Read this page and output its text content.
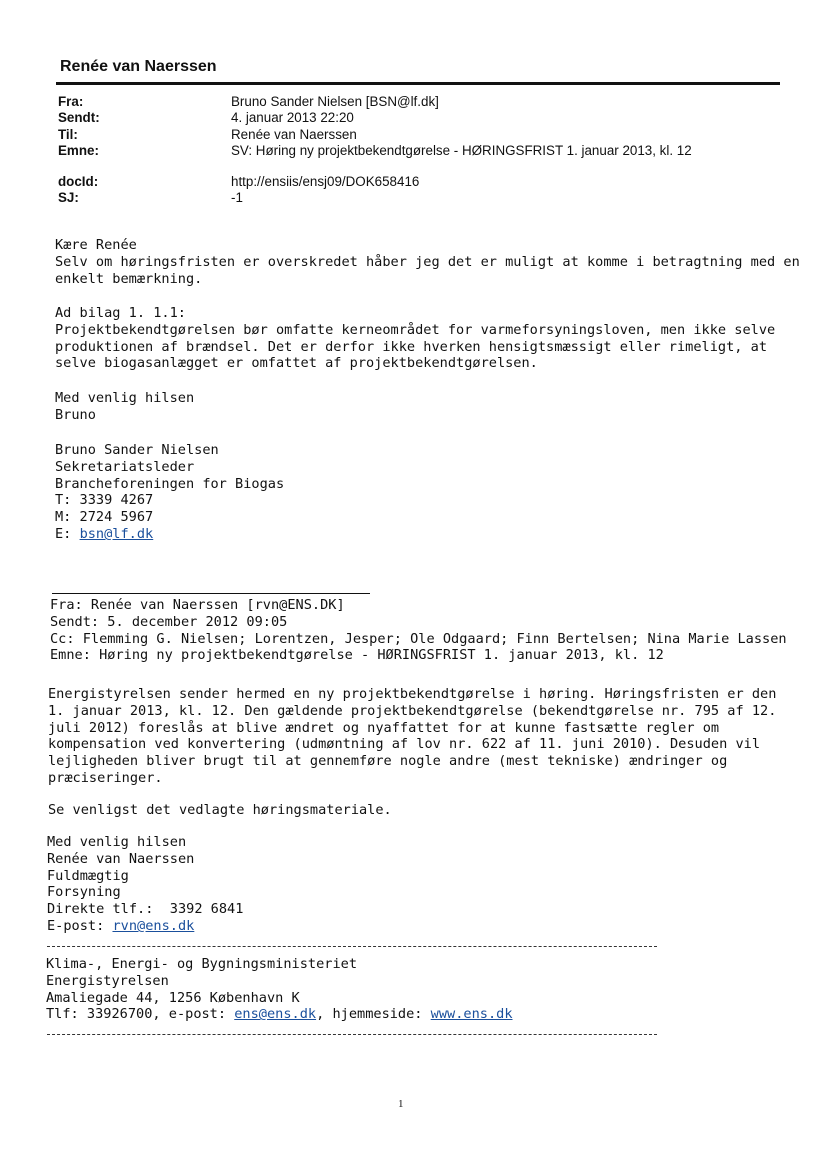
Renée van Naerssen
Fra:	Bruno Sander Nielsen [BSN@lf.dk]
Sendt:	4. januar 2013 22:20
Til:	Renée van Naerssen
Emne:	SV: Høring ny projektbekendtgørelse - HØRINGSFRIST 1. januar 2013, kl. 12
docId:	http://ensiis/ensj09/DOK658416
SJ:	-1
Kære Renée
Selv om høringsfristen er overskredet håber jeg det er muligt at komme i betragtning med en
enkelt bemærkning.
Ad bilag 1. 1.1:
Projektbekendtgørelsen bør omfatte kerneområdet for varmeforsyningsloven, men ikke selve
produktionen af brændsel. Det er derfor ikke hverken hensigtsmæssigt eller rimeligt, at
selve biogasanlægget er omfattet af projektbekendtgørelsen.
Med venlig hilsen
Bruno
Bruno Sander Nielsen
Sekretariatsleder
Brancheforeningen for Biogas
T: 3339 4267
M: 2724 5967
E: bsn@lf.dk
Fra: Renée van Naerssen [rvn@ENS.DK]
Sendt: 5. december 2012 09:05
Cc: Flemming G. Nielsen; Lorentzen, Jesper; Ole Odgaard; Finn Bertelsen; Nina Marie Lassen
Emne: Høring ny projektbekendtgørelse - HØRINGSFRIST 1. januar 2013, kl. 12
Energistyrelsen sender hermed en ny projektbekendtgørelse i høring. Høringsfristen er den
1. januar 2013, kl. 12. Den gældende projektbekendtgørelse (bekendtgørelse nr. 795 af 12.
juli 2012) foreslås at blive ændret og nyaffattet for at kunne fastsætte regler om
kompensation ved konvertering (udmøntning af lov nr. 622 af 11. juni 2010). Desuden vil
lejligheden bliver brugt til at gennemføre nogle andre (mest tekniske) ændringer og
præciseringer.
Se venligst det vedlagte høringsmateriale.
Med venlig hilsen
Renée van Naerssen
Fuldmægtig
Forsyning
Direkte tlf.:  3392 6841
E-post: rvn@ens.dk
Klima-, Energi- og Bygningsministeriet
Energistyrelsen
Amaliegade 44, 1256 København K
Tlf: 33926700, e-post: ens@ens.dk, hjemmeside: www.ens.dk
1
